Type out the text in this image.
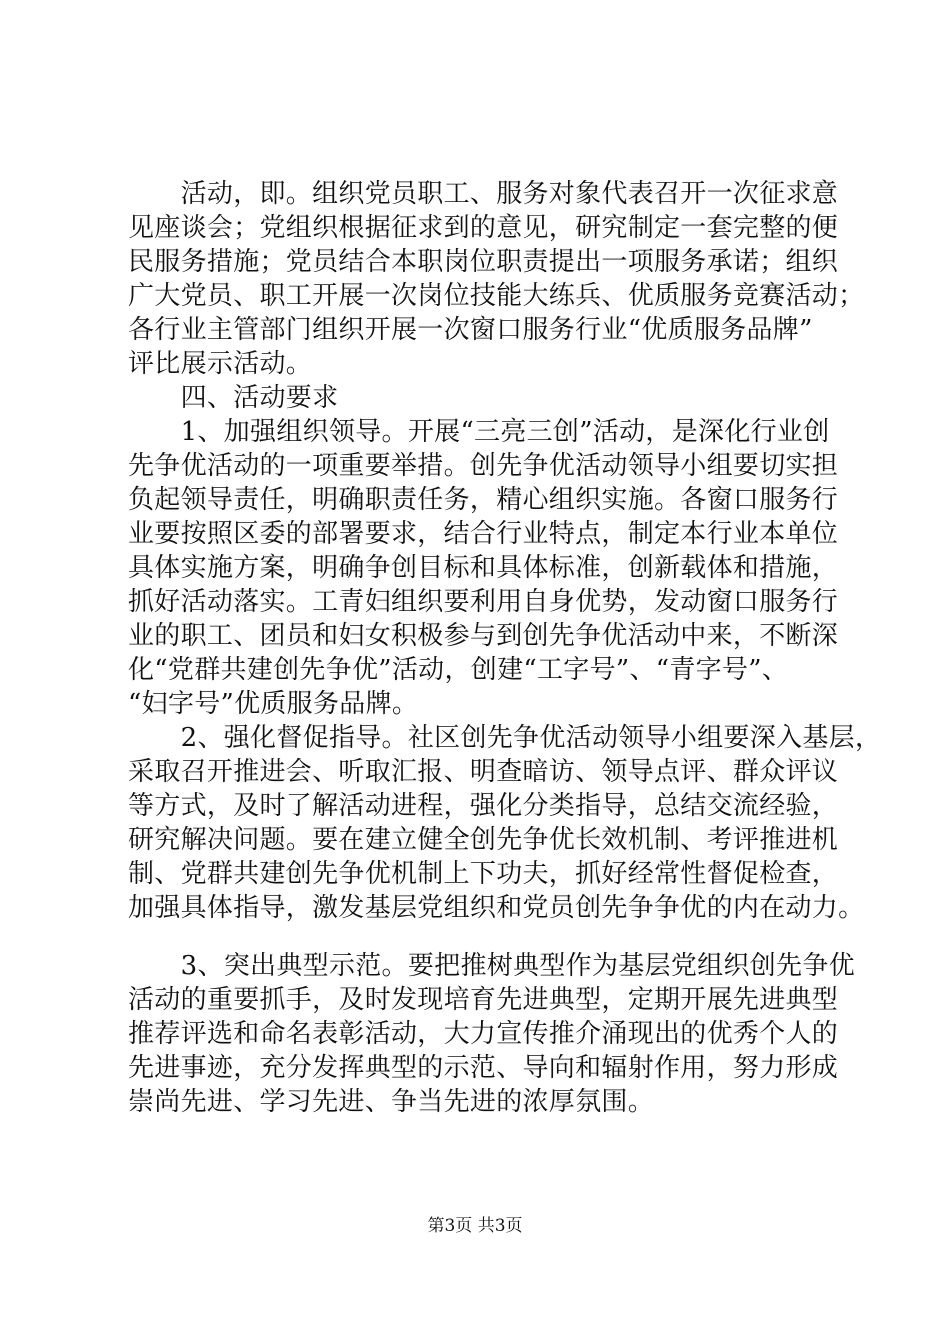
　　活动，即。组织党员职工、服务对象代表召开一次征求意
见座谈会；党组织根据征求到的意见，研究制定一套完整的便
民服务措施；党员结合本职岗位职责提出一项服务承诺；组织
广大党员、职工开展一次岗位技能大练兵、优质服务竞赛活动；
各行业主管部门组织开展一次窗口服务行业“优质服务品牌”
评比展示活动。
　　四、活动要求
　　1、加强组织领导。开展“三亮三创”活动，是深化行业创
先争优活动的一项重要举措。创先争优活动领导小组要切实担
负起领导责任，明确职责任务，精心组织实施。各窗口服务行
业要按照区委的部署要求，结合行业特点，制定本行业本单位
具体实施方案，明确争创目标和具体标准，创新载体和措施，
抓好活动落实。工青妇组织要利用自身优势，发动窗口服务行
业的职工、团员和妇女积极参与到创先争优活动中来，不断深
化“党群共建创先争优”活动，创建“工字号”、“青字号”、
“妇字号”优质服务品牌。
　　2、强化督促指导。社区创先争优活动领导小组要深入基层，
采取召开推进会、听取汇报、明查暗访、领导点评、群众评议
等方式，及时了解活动进程，强化分类指导，总结交流经验，
研究解决问题。要在建立健全创先争优长效机制、考评推进机
制、党群共建创先争优机制上下功夫，抓好经常性督促检查，
加强具体指导，激发基层党组织和党员创先争争优的内在动力。
　　3、突出典型示范。要把推树典型作为基层党组织创先争优
活动的重要抓手，及时发现培育先进典型，定期开展先进典型
推荐评选和命名表彰活动，大力宣传推介涌现出的优秀个人的
先进事迹，充分发挥典型的示范、导向和辐射作用，努力形成
崇尚先进、学习先进、争当先进的浓厚氛围。
第3页 共3页
